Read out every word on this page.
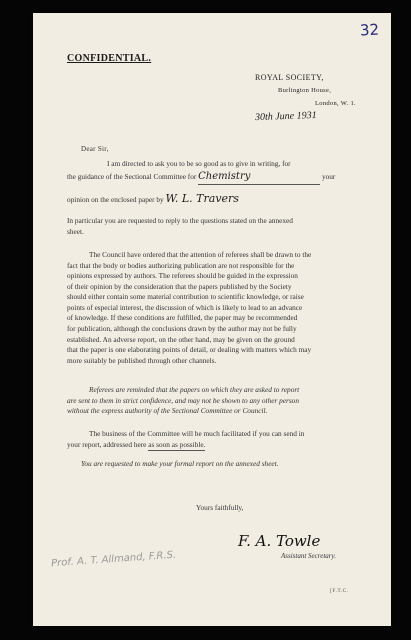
32
CONFIDENTIAL.
ROYAL SOCIETY,
Burlington House,
London, W. 1.
30th June 1931
Dear Sir,
I am directed to ask you to be so good as to give in writing, for
the guidance of the Sectional Committee for Chemistry	your
opinion on the enclosed paper by W. L. Travers
In particular you are requested to reply to the questions stated on the annexed
sheet.
The Council have ordered that the attention of referees shall be drawn to the
fact that the body or bodies authorizing publication are not responsible for the
opinions expressed by authors. The referees should be guided in the expression
of their opinion by the consideration that the papers published by the Society
should either contain some material contribution to scientific knowledge, or raise
points of especial interest, the discussion of which is likely to lead to an advance
of knowledge. If these conditions are fulfilled, the paper may be recommended
for publication, although the conclusions drawn by the author may not be fully
established. An adverse report, on the other hand, may be given on the ground
that the paper is one elaborating points of detail, or dealing with matters which may
more suitably be published through other channels.
Referees are reminded that the papers on which they are asked to report
are sent to them in strict confidence, and may not be shown to any other person
without the express authority of the Sectional Committee or Council.
The business of the Committee will be much facilitated if you can send in
your report, addressed here as soon as possible.
You are requested to make your formal report on the annexed sheet.
Yours faithfully,
F. A. Towle
Assistant Secretary.
Prof. A. T. Allmand, F.R.S.
[F.T.C.
